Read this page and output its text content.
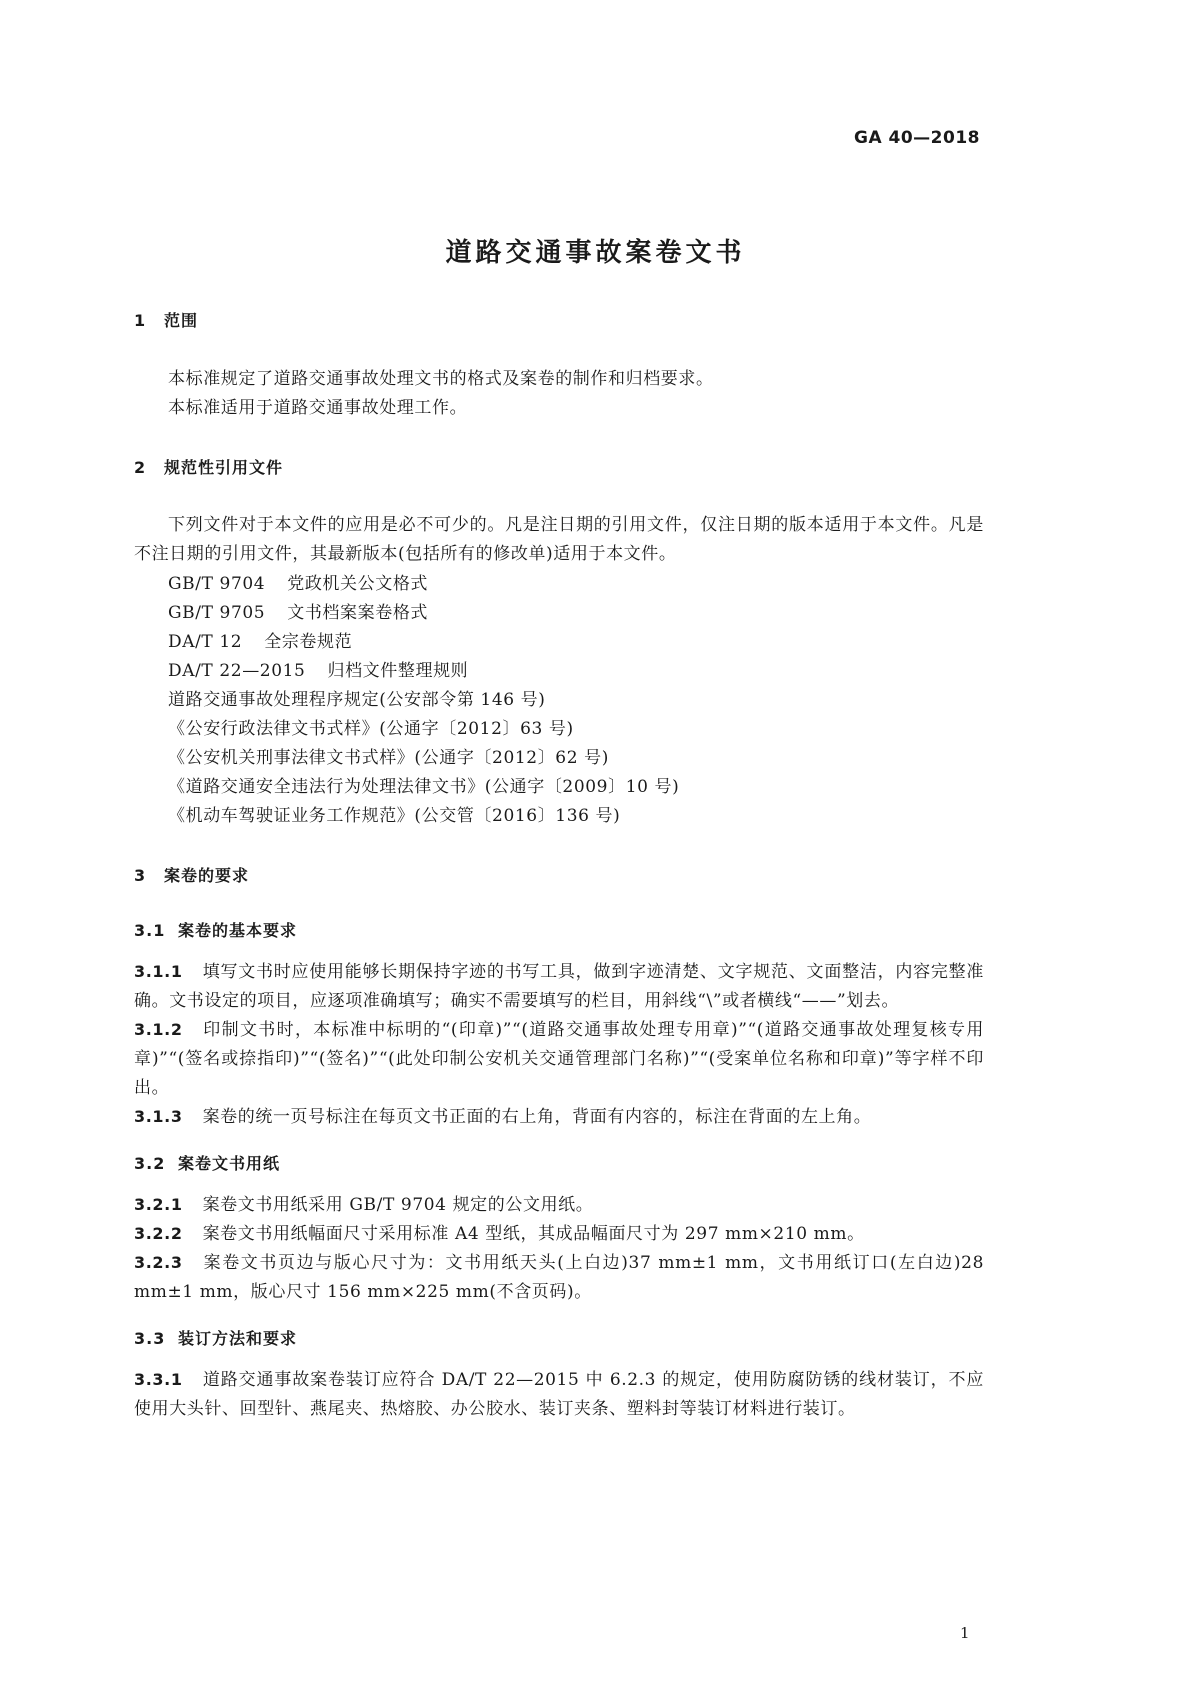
GA 40—2018
道路交通事故案卷文书
1 范围
本标准规定了道路交通事故处理文书的格式及案卷的制作和归档要求。
本标准适用于道路交通事故处理工作。
2 规范性引用文件
下列文件对于本文件的应用是必不可少的。凡是注日期的引用文件，仅注日期的版本适用于本文件。凡是不注日期的引用文件，其最新版本(包括所有的修改单)适用于本文件。
GB/T 9704 党政机关公文格式
GB/T 9705 文书档案案卷格式
DA/T 12 全宗卷规范
DA/T 22—2015 归档文件整理规则
道路交通事故处理程序规定(公安部令第 146 号)
《公安行政法律文书式样》(公通字〔2012〕63 号)
《公安机关刑事法律文书式样》(公通字〔2012〕62 号)
《道路交通安全违法行为处理法律文书》(公通字〔2009〕10 号)
《机动车驾驶证业务工作规范》(公交管〔2016〕136 号)
3 案卷的要求
3.1 案卷的基本要求
3.1.1 填写文书时应使用能够长期保持字迹的书写工具，做到字迹清楚、文字规范、文面整洁，内容完整准确。文书设定的项目，应逐项准确填写；确实不需要填写的栏目，用斜线“\”或者横线“——”划去。
3.1.2 印制文书时，本标准中标明的“(印章)”“(道路交通事故处理专用章)”“(道路交通事故处理复核专用章)”“(签名或捺指印)”“(签名)”“(此处印制公安机关交通管理部门名称)”“(受案单位名称和印章)”等字样不印出。
3.1.3 案卷的统一页号标注在每页文书正面的右上角，背面有内容的，标注在背面的左上角。
3.2 案卷文书用纸
3.2.1 案卷文书用纸采用 GB/T 9704 规定的公文用纸。
3.2.2 案卷文书用纸幅面尺寸采用标准 A4 型纸，其成品幅面尺寸为 297 mm×210 mm。
3.2.3 案卷文书页边与版心尺寸为：文书用纸天头(上白边)37 mm±1 mm，文书用纸订口(左白边)28 mm±1 mm，版心尺寸 156 mm×225 mm(不含页码)。
3.3 装订方法和要求
3.3.1 道路交通事故案卷装订应符合 DA/T 22—2015 中 6.2.3 的规定，使用防腐防锈的线材装订，不应使用大头针、回型针、燕尾夹、热熔胶、办公胶水、装订夹条、塑料封等装订材料进行装订。
1
